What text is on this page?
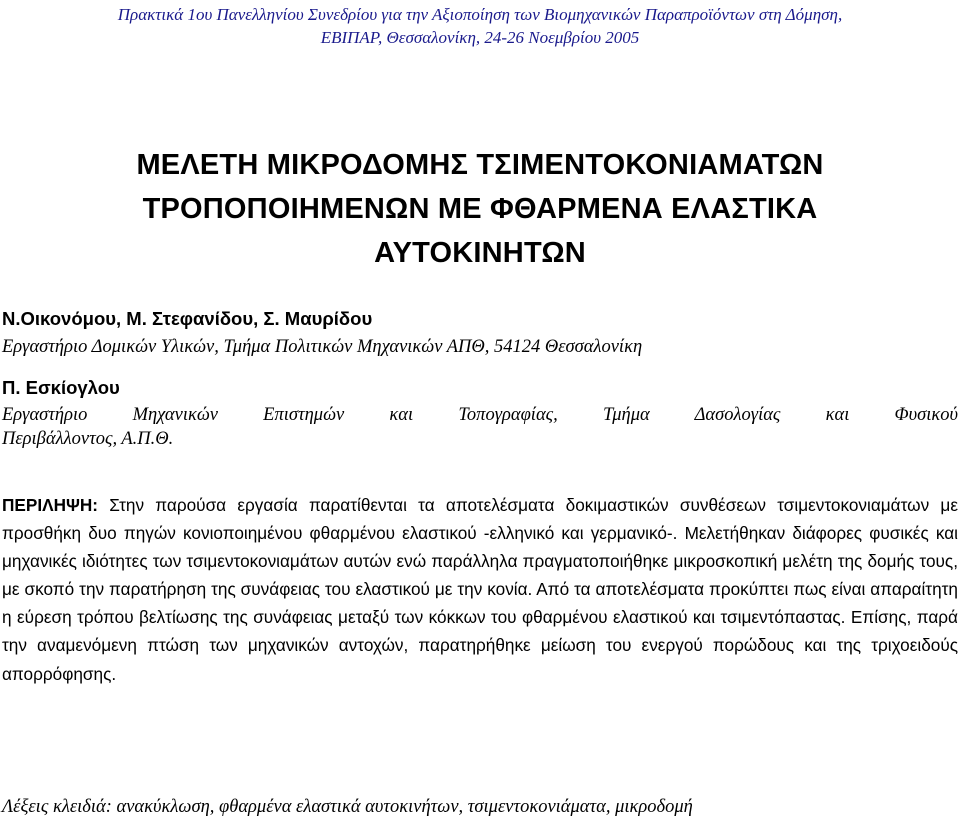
Πρακτικά 1ου Πανελληνίου Συνεδρίου για την Αξιοποίηση των Βιομηχανικών Παραπροϊόντων στη Δόμηση,
ΕΒΙΠΑΡ, Θεσσαλονίκη, 24-26 Νοεμβρίου 2005
ΜΕΛΕΤΗ ΜΙΚΡΟΔΟΜΗΣ ΤΣΙΜΕΝΤΟΚΟΝΙΑΜΑΤΩΝ
ΤΡΟΠΟΠΟΙΗΜΕΝΩΝ ΜΕ ΦΘΑΡΜΕΝΑ ΕΛΑΣΤΙΚΑ
ΑΥΤΟΚΙΝΗΤΩΝ
Ν.Οικονόμου, Μ. Στεφανίδου, Σ. Μαυρίδου
Εργαστήριο Δομικών Υλικών, Τμήμα Πολιτικών Μηχανικών ΑΠΘ, 54124 Θεσσαλονίκη
Π. Εσκίογλου
Εργαστήριο Μηχανικών Επιστημών και Τοπογραφίας, Τμήμα Δασολογίας και Φυσικού
Περιβάλλοντος, Α.Π.Θ.
ΠΕΡΙΛΗΨΗ: Στην παρούσα εργασία παρατίθενται τα αποτελέσματα δοκιμαστικών συνθέσεων τσιμεντοκονιαμάτων με προσθήκη δυο πηγών κονιοποιημένου φθαρμένου ελαστικού -ελληνικό και γερμανικό-. Μελετήθηκαν διάφορες φυσικές και μηχανικές ιδιότητες των τσιμεντοκονιαμάτων αυτών ενώ παράλληλα πραγματοποιήθηκε μικροσκοπική μελέτη της δομής τους, με σκοπό την παρατήρηση της συνάφειας του ελαστικού με την κονία. Από τα αποτελέσματα προκύπτει πως είναι απαραίτητη η εύρεση τρόπου βελτίωσης της συνάφειας μεταξύ των κόκκων του φθαρμένου ελαστικού και τσιμεντόπαστας. Επίσης, παρά την αναμενόμενη πτώση των μηχανικών αντοχών, παρατηρήθηκε μείωση του ενεργού πορώδους και της τριχοειδούς απορρόφησης.
Λέξεις κλειδιά: ανακύκλωση, φθαρμένα ελαστικά αυτοκινήτων, τσιμεντοκονιάματα, μικροδομή
